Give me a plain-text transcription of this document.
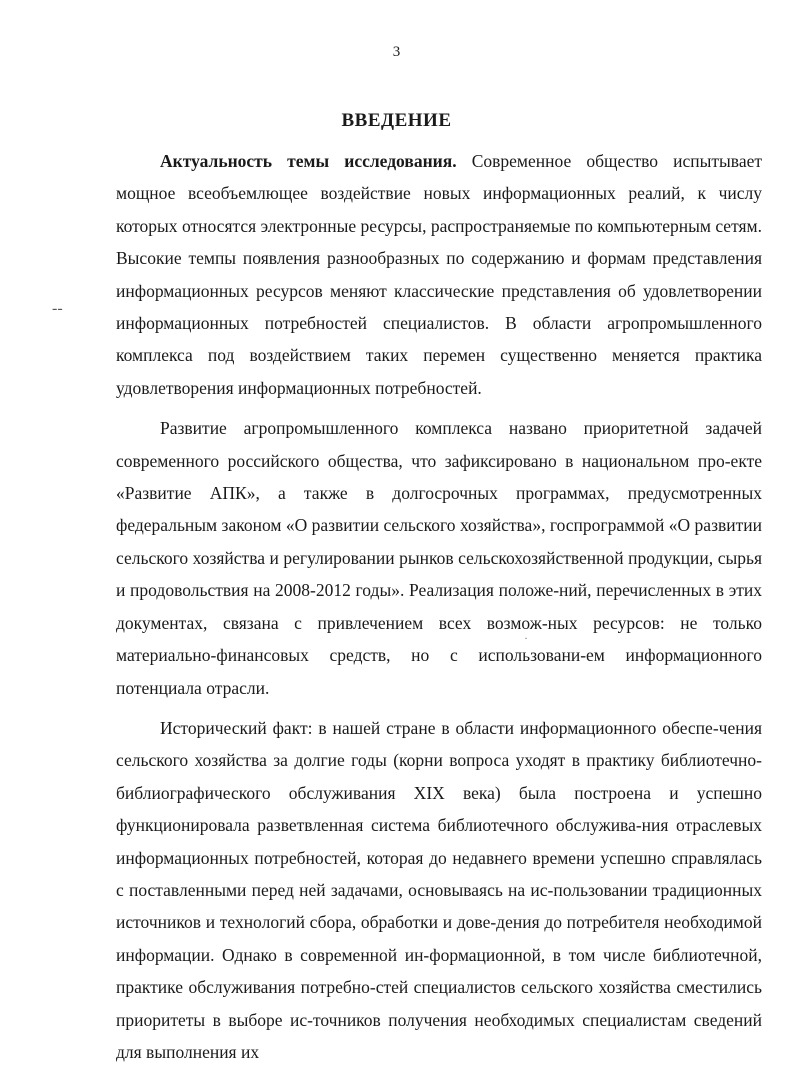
3
ВВЕДЕНИЕ
‑‑
·

Актуальность темы исследования. Современное общество испытывает мощное всеобъемлющее воздействие новых информационных реалий, к числу которых относятся электронные ресурсы, распространяемые по компьютерным сетям. Высокие темпы появления разнообразных по содержанию и формам представления информационных ресурсов меняют классические представления об удовлетворении информационных потребностей специалистов. В области агропромышленного комплекса под воздействием таких перемен существенно меняется практика удовлетворения информационных потребностей.

Развитие агропромышленного комплекса названо приоритетной задачей современного российского общества, что зафиксировано в национальном про-екте «Развитие АПК», а также в долгосрочных программах, предусмотренных федеральным законом «О развитии сельского хозяйства», госпрограммой «О развитии сельского хозяйства и регулировании рынков сельскохозяйственной продукции, сырья и продовольствия на 2008-2012 годы». Реализация положе-ний, перечисленных в этих документах, связана с привлечением всех возмож-ных ресурсов: не только материально-финансовых средств, но с использовани-ем информационного потенциала отрасли.

Исторический факт: в нашей стране в области информационного обеспе-чения сельского хозяйства за долгие годы (корни вопроса уходят в практику библиотечно-библиографического обслуживания XIX века) была построена и успешно функционировала разветвленная система библиотечного обслужива-ния отраслевых информационных потребностей, которая до недавнего времени успешно справлялась с поставленными перед ней задачами, основываясь на ис-пользовании традиционных источников и технологий сбора, обработки и дове-дения до потребителя необходимой информации. Однако в современной ин-формационной, в том числе библиотечной, практике обслуживания потребно-стей специалистов сельского хозяйства сместились приоритеты в выборе ис-точников получения необходимых специалистам сведений для выполнения их
